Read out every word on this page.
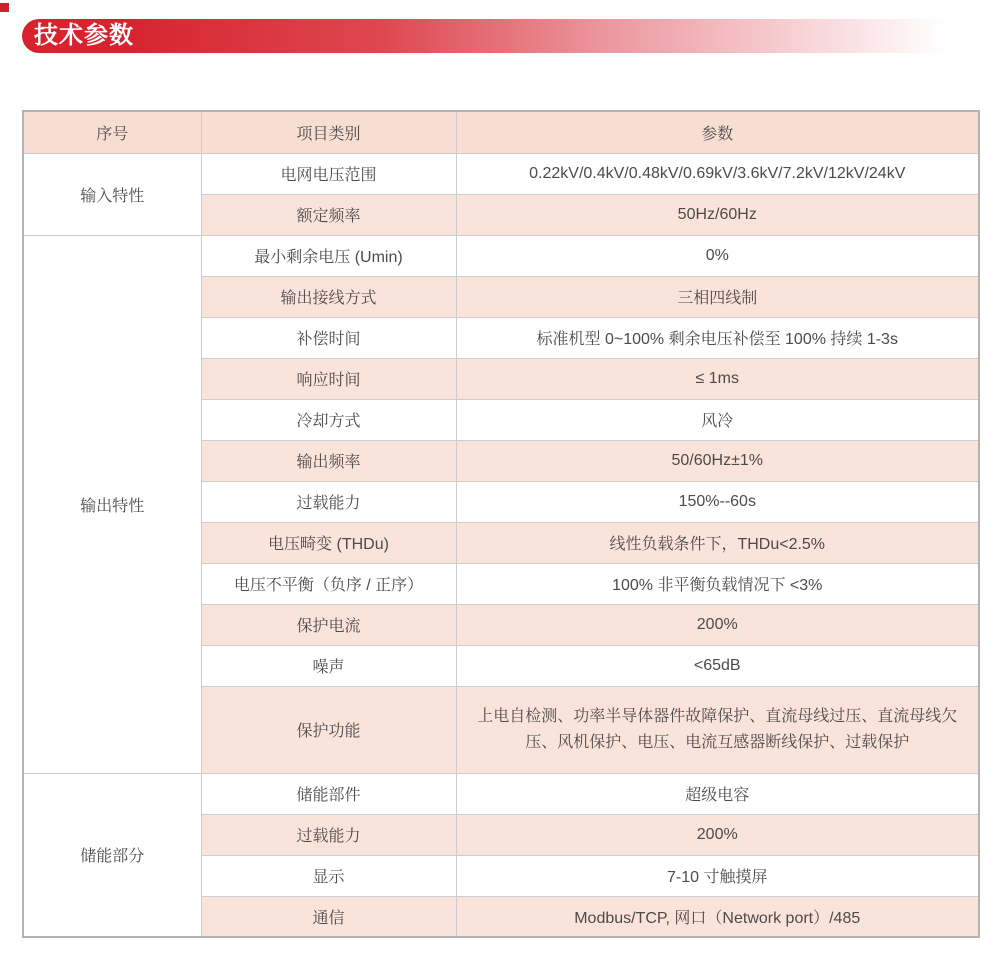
技术参数
序号	项目类别	参数
输入特性	电网电压范围	0.22kV/0.4kV/0.48kV/0.69kV/3.6kV/7.2kV/12kV/24kV
	额定频率	50Hz/60Hz
输出特性	最小剩余电压 (Umin)	0%
	输出接线方式	三相四线制
	补偿时间	标准机型 0~100% 剩余电压补偿至 100% 持续 1-3s
	响应时间	≤ 1ms
	冷却方式	风冷
	输出频率	50/60Hz±1%
	过载能力	150%--60s
	电压畸变 (THDu)	线性负载条件下，THDu<2.5%
	电压不平衡（负序 / 正序）	100% 非平衡负载情况下 <3%
	保护电流	200%
	噪声	<65dB
	保护功能	上电自检测、功率半导体器件故障保护、直流母线过压、直流母线欠压、风机保护、电压、电流互感器断线保护、过载保护
储能部分	储能部件	超级电容
	过载能力	200%
	显示	7-10 寸触摸屏
	通信	Modbus/TCP, 网口（Network port）/485
